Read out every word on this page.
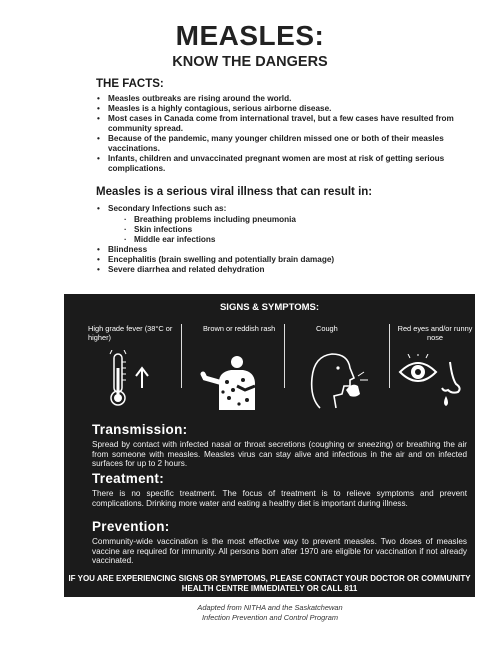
MEASLES:
KNOW THE DANGERS
THE FACTS:
• Measles outbreaks are rising around the world.
• Measles is a highly contagious, serious airborne disease.
• Most cases in Canada come from international travel, but a few cases have resulted from community spread.
• Because of the pandemic, many younger children missed one or both of their measles vaccinations.
• Infants, children and unvaccinated pregnant women are most at risk of getting serious complications.
Measles is a serious viral illness that can result in:
• Secondary Infections such as:
· Breathing problems including pneumonia
· Skin infections
· Middle ear infections
• Blindness
• Encephalitis (brain swelling and potentially brain damage)
• Severe diarrhea and related dehydration
SIGNS & SYMPTOMS:
High grade fever (38°C or higher)
Brown or reddish rash	Cough	Red eyes and/or runny nose
Transmission:
Spread by contact with infected nasal or throat secretions (coughing or sneezing) or breathing the air from someone with measles. Measles virus can stay alive and infectious in the air and on infected surfaces for up to 2 hours.
Treatment:
There is no specific treatment. The focus of treatment is to relieve symptoms and prevent complications. Drinking more water and eating a healthy diet is important during illness.
Prevention:
Community-wide vaccination is the most effective way to prevent measles. Two doses of measles vaccine are required for immunity. All persons born after 1970 are eligible for vaccination if not already vaccinated.
IF YOU ARE EXPERIENCING SIGNS OR SYMPTOMS, PLEASE CONTACT YOUR DOCTOR OR COMMUNITY HEALTH CENTRE IMMEDIATELY OR CALL 811
Adapted from NITHA and the Saskatchewan Infection Prevention and Control Program
